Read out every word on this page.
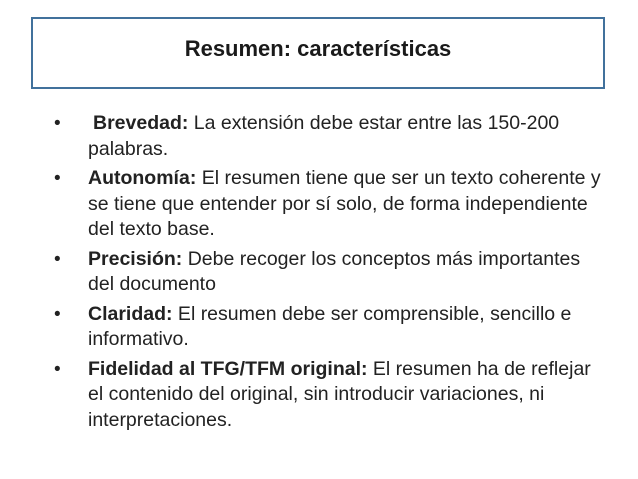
Resumen: características
• Brevedad: La extensión debe estar entre las 150-200 palabras.
• Autonomía: El resumen tiene que ser un texto coherente y se tiene que entender por sí solo, de forma independiente del texto base.
• Precisión: Debe recoger los conceptos más importantes del documento
• Claridad: El resumen debe ser comprensible, sencillo e informativo.
• Fidelidad al TFG/TFM original: El resumen ha de reflejar el contenido del original, sin introducir variaciones, ni interpretaciones.
